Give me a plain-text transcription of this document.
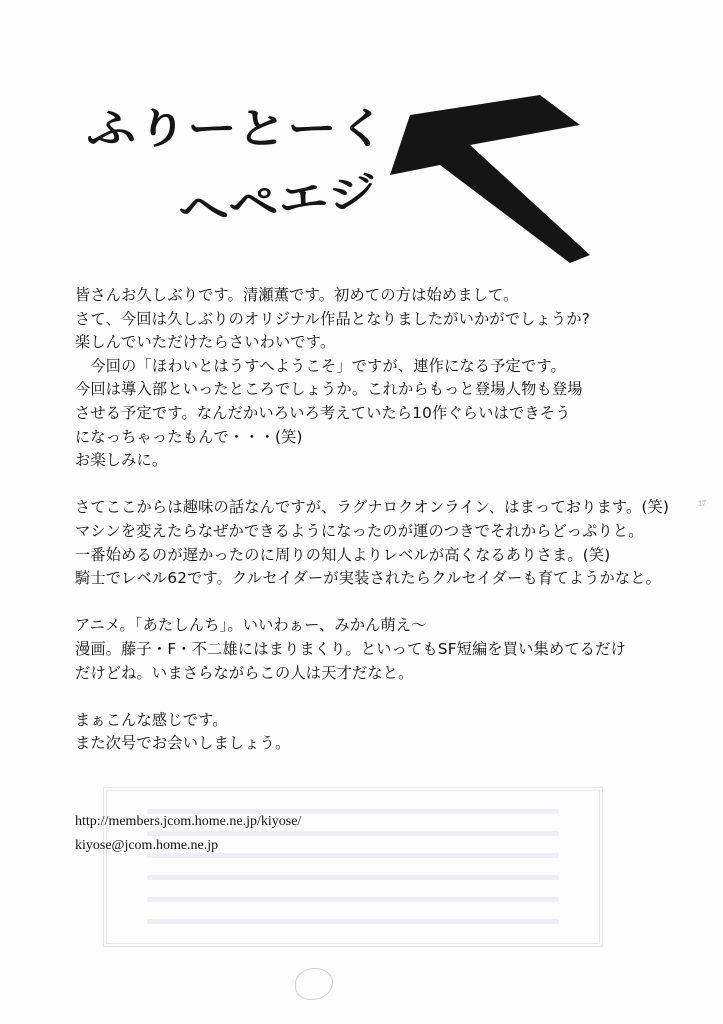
ふりーとーく
へペエジ
皆さんお久しぶりです。清瀬薫です。初めての方は始めまして。
さて、今回は久しぶりのオリジナル作品となりましたがいかがでしょうか?
楽しんでいただけたらさいわいです。
　今回の「ほわいとはうすへようこそ」ですが、連作になる予定です。
今回は導入部といったところでしょうか。これからもっと登場人物も登場
させる予定です。なんだかいろいろ考えていたら10作ぐらいはできそう
になっちゃったもんで・・・(笑)
お楽しみに。
さてここからは趣味の話なんですが、ラグナロクオンライン、はまっております。(笑)
マシンを変えたらなぜかできるようになったのが運のつきでそれからどっぷりと。
一番始めるのが遅かったのに周りの知人よりレベルが高くなるありさま。(笑)
騎士でレベル62です。クルセイダーが実装されたらクルセイダーも育てようかなと。
アニメ。「あたしんち」。いいわぁー、みかん萌え〜
漫画。藤子・F・不二雄にはまりまくり。といってもSF短編を買い集めてるだけ
だけどね。いまさらながらこの人は天才だなと。
まぁこんな感じです。
また次号でお会いしましょう。
http://members.jcom.home.ne.jp/kiyose/
kiyose@jcom.home.ne.jp
17
